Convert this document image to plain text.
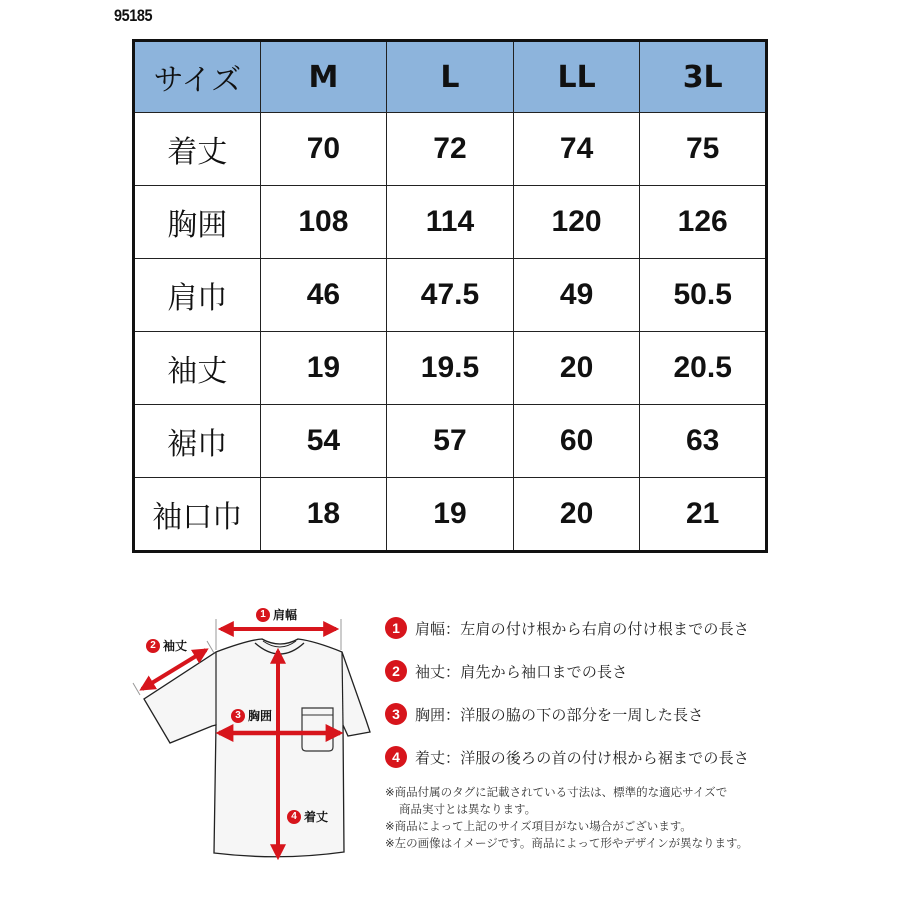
95185
サイズ	M	L	LL	3L
着丈	70	72	74	75
胸囲	108	114	120	126
肩巾	46	47.5	49	50.5
袖丈	19	19.5	20	20.5
裾巾	54	57	60	63
袖口巾	18	19	20	21
1 肩幅
2 袖丈
3 胸囲
4 着丈
1	肩幅 ：左肩の付け根から右肩の付け根までの長さ
2	袖丈 ：肩先から袖口までの長さ
3	胸囲 ：洋服の脇の下の部分を一周した長さ
4	着丈 ：洋服の後ろの首の付け根から裾までの長さ
※商品付属のタグに記載されている寸法は、標準的な適応サイズで
商品実寸とは異なります。
※商品によって上記のサイズ項目がない場合がございます。
※左の画像はイメージです。商品によって形やデザインが異なります。
